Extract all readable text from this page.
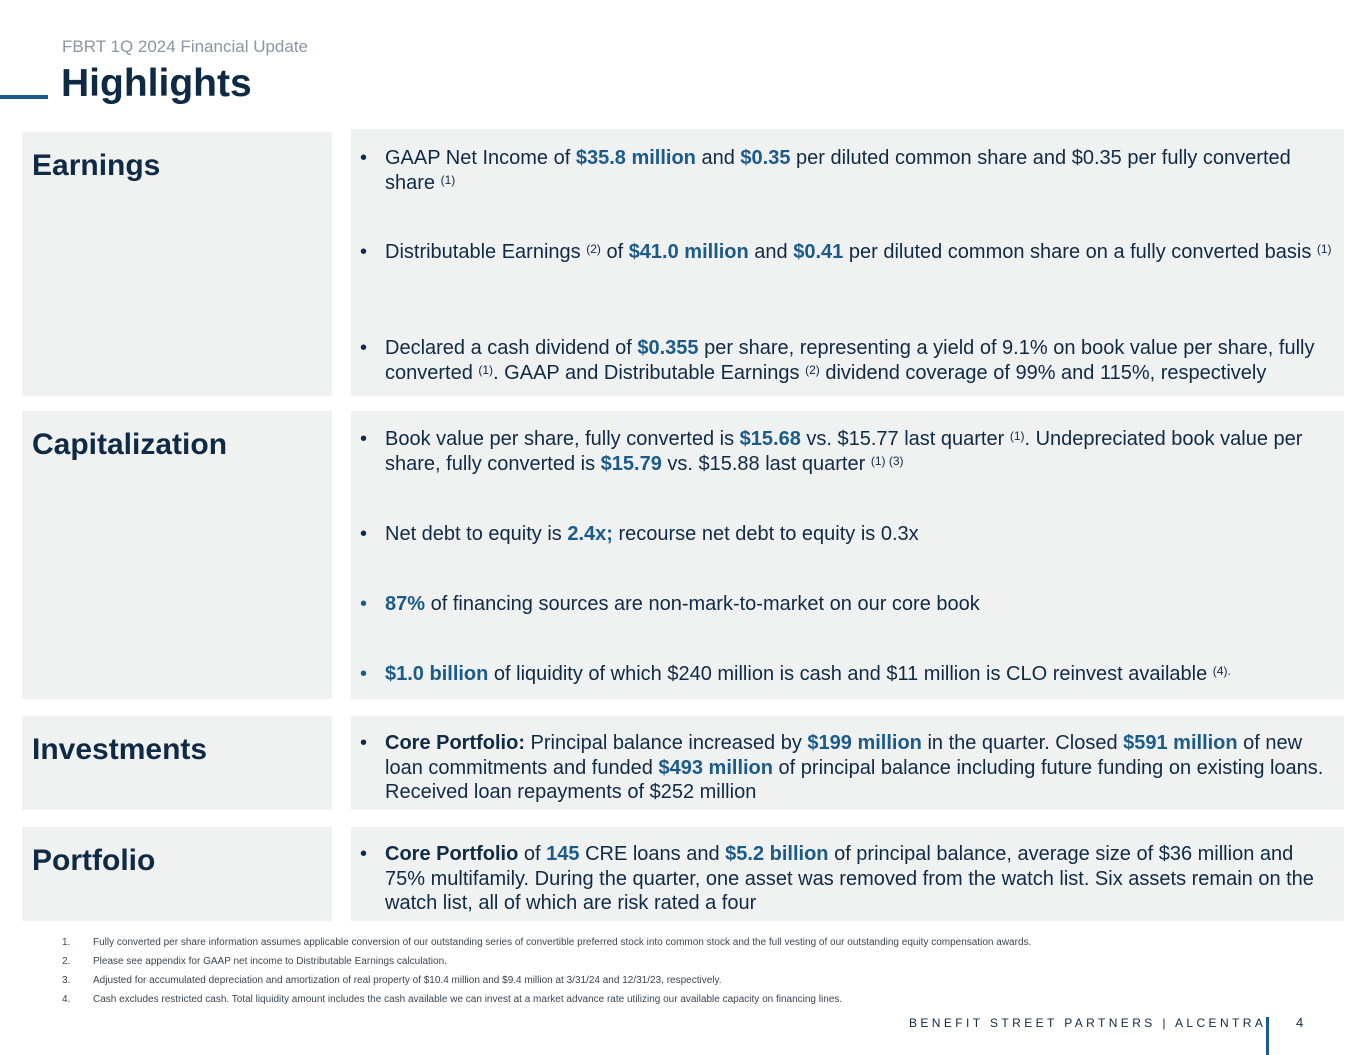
FBRT 1Q 2024 Financial Update
Highlights
Earnings	• GAAP Net Income of $35.8 million and $0.35 per diluted common share and $0.35 per fully converted share $^{(1)}$
• Distributable Earnings $^{(2)}$ of $41.0 million and $0.41 per diluted common share on a fully converted basis $^{(1)}$
• Declared a cash dividend of $0.355 per share, representing a yield of 9.1% on book value per share, fully converted $^{(1)}$. GAAP and Distributable Earnings $^{(2)}$ dividend coverage of 99% and 115%, respectively
Capitalization	• Book value per share, fully converted is $15.68 vs. $15.77 last quarter $^{(1)}$. Undepreciated book value per share, fully converted is $15.79 vs. $15.88 last quarter $^{(1) (3)}$
• Net debt to equity is 2.4x; recourse net debt to equity is 0.3x
• 87% of financing sources are non-mark-to-market on our core book
• $1.0 billion of liquidity of which $240 million is cash and $11 million is CLO reinvest available $^{(4).}$
Investments	• Core Portfolio: Principal balance increased by $199 million in the quarter. Closed $591 million of new loan commitments and funded $493 million of principal balance including future funding on existing loans. Received loan repayments of $252 million
Portfolio	• Core Portfolio of 145 CRE loans and $5.2 billion of principal balance, average size of $36 million and 75% multifamily. During the quarter, one asset was removed from the watch list. Six assets remain on the watch list, all of which are risk rated a four
1. Fully converted per share information assumes applicable conversion of our outstanding series of convertible preferred stock into common stock and the full vesting of our outstanding equity compensation awards.
2. Please see appendix for GAAP net income to Distributable Earnings calculation.
3. Adjusted for accumulated depreciation and amortization of real property of $10.4 million and $9.4 million at 3/31/24 and 12/31/23, respectively.
4. Cash excludes restricted cash. Total liquidity amount includes the cash available we can invest at a market advance rate utilizing our available capacity on financing lines.
BENEFIT STREET PARTNERS | ALCENTRA 4
